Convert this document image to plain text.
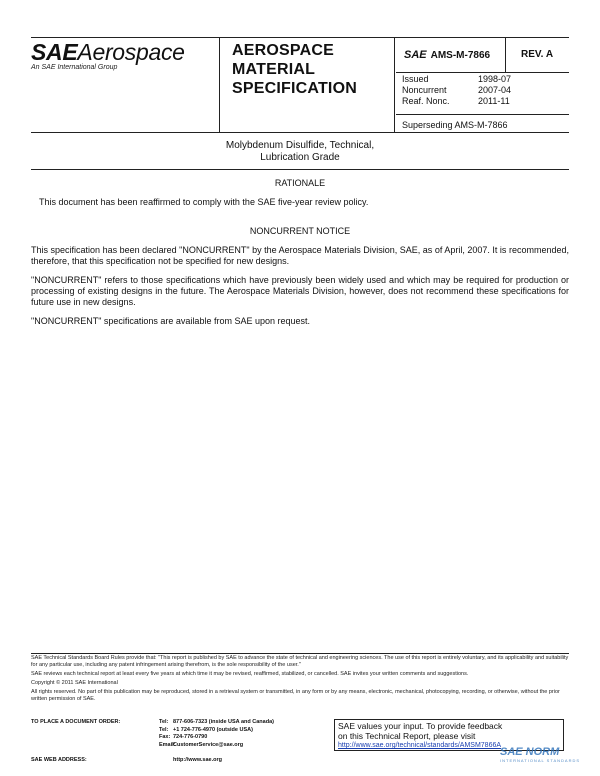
SAEAerospace
An SAE International Group
AEROSPACE
MATERIAL
SPECIFICATION
SAE AMS-M-7866	REV. A
Issued	1998-07
Noncurrent	2007-04
Reaf. Nonc.	2011-11
Superseding AMS-M-7866
Molybdenum Disulfide, Technical,
Lubrication Grade
RATIONALE
This document has been reaffirmed to comply with the SAE five-year review policy.
NONCURRENT NOTICE
This specification has been declared "NONCURRENT" by the Aerospace Materials Division, SAE, as of April, 2007. It is recommended, therefore, that this specification not be specified for new designs.
"NONCURRENT" refers to those specifications which have previously been widely used and which may be required for production or processing of existing designs in the future. The Aerospace Materials Division, however, does not recommend these specifications for future use in new designs.
"NONCURRENT" specifications are available from SAE upon request.

SAE Technical Standards Board Rules provide that: "This report is published by SAE to advance the state of technical and engineering sciences. The use of this report is entirely voluntary, and its applicability and suitability for any particular use, including any patent infringement arising therefrom, is the sole responsibility of the user."

SAE reviews each technical report at least every five years at which time it may be revised, reaffirmed, stabilized, or cancelled. SAE invites your written comments and suggestions.

Copyright © 2011 SAE International

All rights reserved. No part of this publication may be reproduced, stored in a retrieval system or transmitted, in any form or by any means, electronic, mechanical, photocopying, recording, or otherwise, without the prior written permission of SAE.

TO PLACE A DOCUMENT ORDER:	Tel: 877-606-7323 (inside USA and Canada)
Tel: +1 724-776-4970 (outside USA)
Fax: 724-776-0790
Email:
CustomerService@sae.org
SAE values your input. To provide feedback
on this Technical Report, please visit
http://www.sae.org/technical/standards/AMSM7866A
SAE WEB ADDRESS:	http://www.sae.org
SAE NORM
INTERNATIONAL STANDARDS
